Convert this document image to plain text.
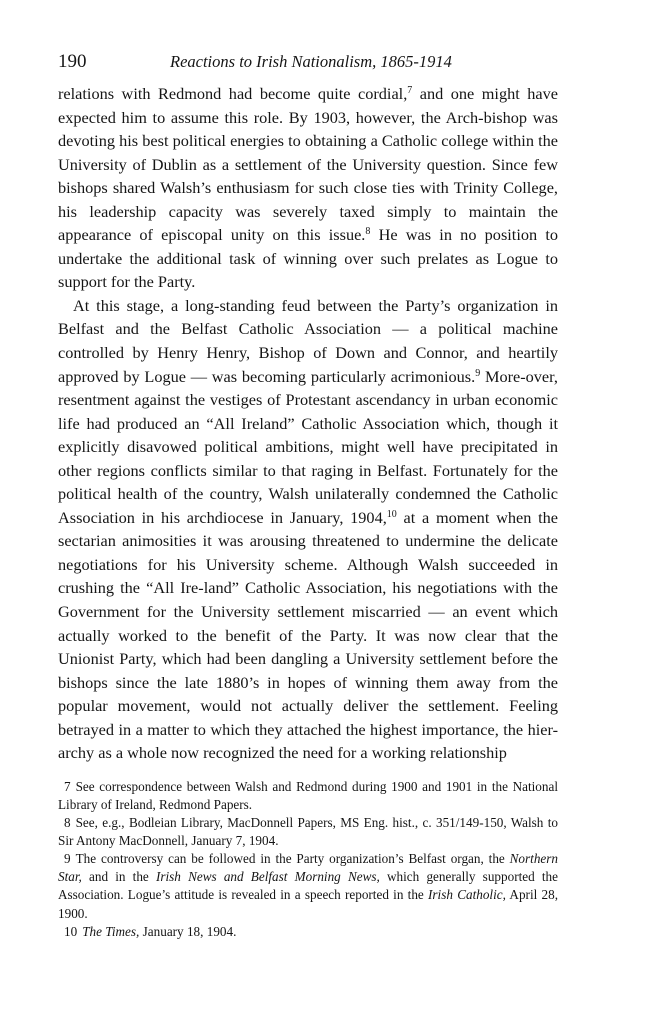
190	Reactions to Irish Nationalism, 1865-1914

relations with Redmond had become quite cordial,$^7$ and one might have expected him to assume this role. By 1903, however, the Arch-bishop was devoting his best political energies to obtaining a Catholic college within the University of Dublin as a settlement of the University question. Since few bishops shared Walsh’s enthusiasm for such close ties with Trinity College, his leadership capacity was severely taxed simply to maintain the appearance of episcopal unity on this issue.$^8$ He was in no position to undertake the additional task of winning over such prelates as Logue to support for the Party.

At this stage, a long-standing feud between the Party’s organization in Belfast and the Belfast Catholic Association — a political machine controlled by Henry Henry, Bishop of Down and Connor, and heartily approved by Logue — was becoming particularly acrimonious.$^9$ More-over, resentment against the vestiges of Protestant ascendancy in urban economic life had produced an “All Ireland” Catholic Association which, though it explicitly disavowed political ambitions, might well have precipitated in other regions conflicts similar to that raging in Belfast. Fortunately for the political health of the country, Walsh unilaterally condemned the Catholic Association in his archdiocese in January, 1904,10 at a moment when the sectarian animosities it was arousing threatened to undermine the delicate negotiations for his University scheme. Although Walsh succeeded in crushing the “All Ire-land” Catholic Association, his negotiations with the Government for the University settlement miscarried — an event which actually worked to the benefit of the Party. It was now clear that the Unionist Party, which had been dangling a University settlement before the bishops since the late 1880’s in hopes of winning them away from the popular movement, would not actually deliver the settlement. Feeling betrayed in a matter to which they attached the highest importance, the hier-archy as a whole now recognized the need for a working relationship

7 See correspondence between Walsh and Redmond during 1900 and 1901 in the National Library of Ireland, Redmond Papers.

8 See, e.g., Bodleian Library, MacDonnell Papers, MS Eng. hist., c. 351/149-150, Walsh to Sir Antony MacDonnell, January 7, 1904.

9 The controversy can be followed in the Party organization’s Belfast organ, the Northern Star, and in the Irish News and Belfast Morning News, which generally supported the Association. Logue’s attitude is revealed in a speech reported in the Irish Catholic, April 28, 1900.

10 The Times, January 18, 1904.
